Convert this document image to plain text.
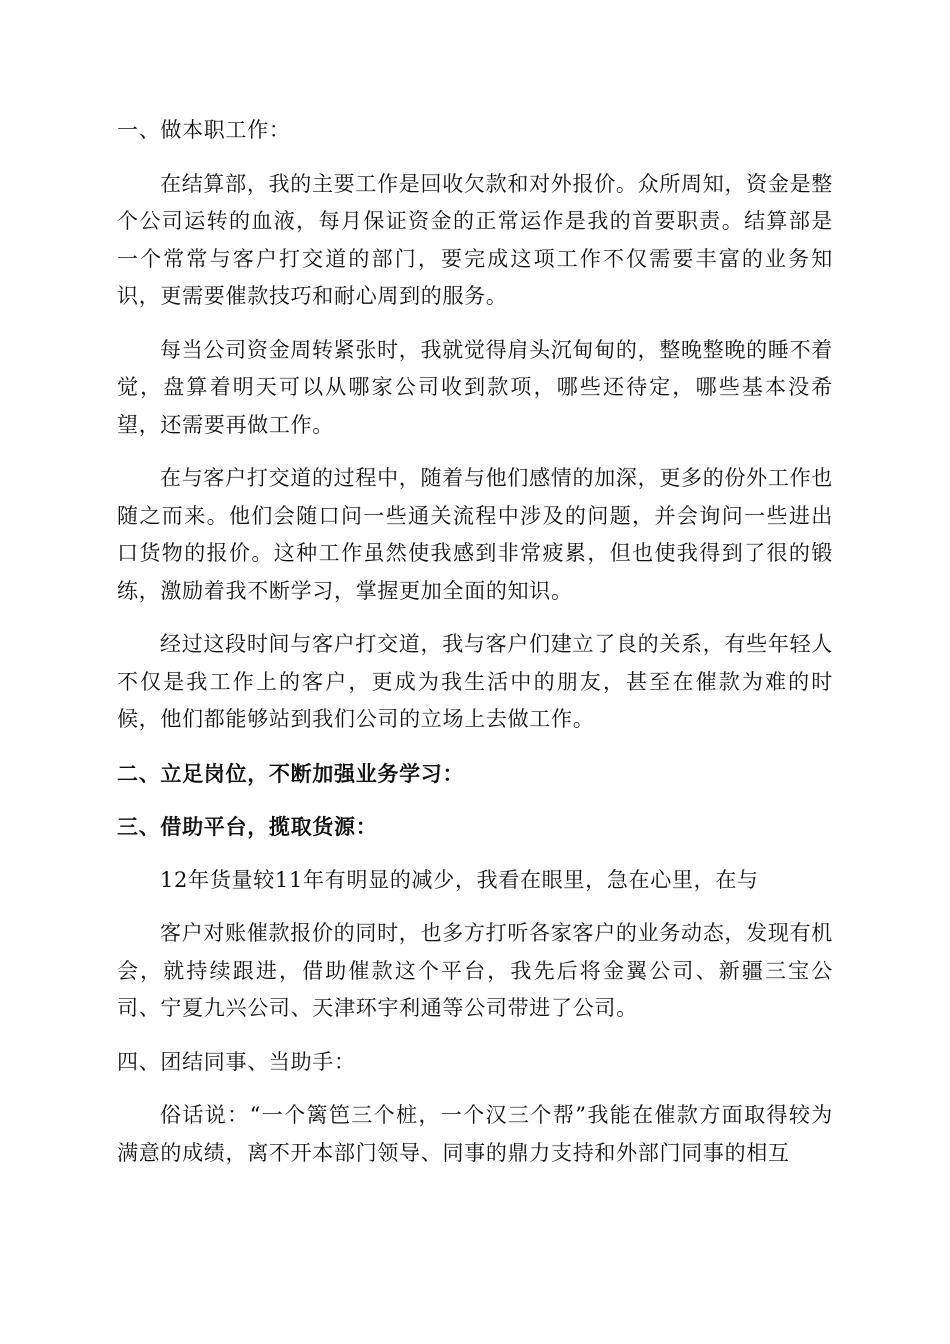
一、做本职工作：

在结算部，我的主要工作是回收欠款和对外报价。众所周知，资金是整个公司运转的血液，每月保证资金的正常运作是我的首要职责。结算部是一个常常与客户打交道的部门，要完成这项工作不仅需要丰富的业务知识，更需要催款技巧和耐心周到的服务。

每当公司资金周转紧张时，我就觉得肩头沉甸甸的，整晚整晚的睡不着觉，盘算着明天可以从哪家公司收到款项，哪些还待定，哪些基本没希望，还需要再做工作。

在与客户打交道的过程中，随着与他们感情的加深，更多的份外工作也随之而来。他们会随口问一些通关流程中涉及的问题，并会询问一些进出口货物的报价。这种工作虽然使我感到非常疲累，但也使我得到了很的锻练，激励着我不断学习，掌握更加全面的知识。

经过这段时间与客户打交道，我与客户们建立了良的关系，有些年轻人不仅是我工作上的客户，更成为我生活中的朋友，甚至在催款为难的时候，他们都能够站到我们公司的立场上去做工作。

二、立足岗位，不断加强业务学习：

三、借助平台，揽取货源：

12年货量较11年有明显的减少，我看在眼里，急在心里，在与

客户对账催款报价的同时，也多方打听各家客户的业务动态，发现有机会，就持续跟进，借助催款这个平台，我先后将金翼公司、新疆三宝公司、宁夏九兴公司、天津环宇利通等公司带进了公司。

四、团结同事、当助手：

俗话说：“一个篱笆三个桩，一个汉三个帮”我能在催款方面取得较为满意的成绩，离不开本部门领导、同事的鼎力支持和外部门同事的相互
